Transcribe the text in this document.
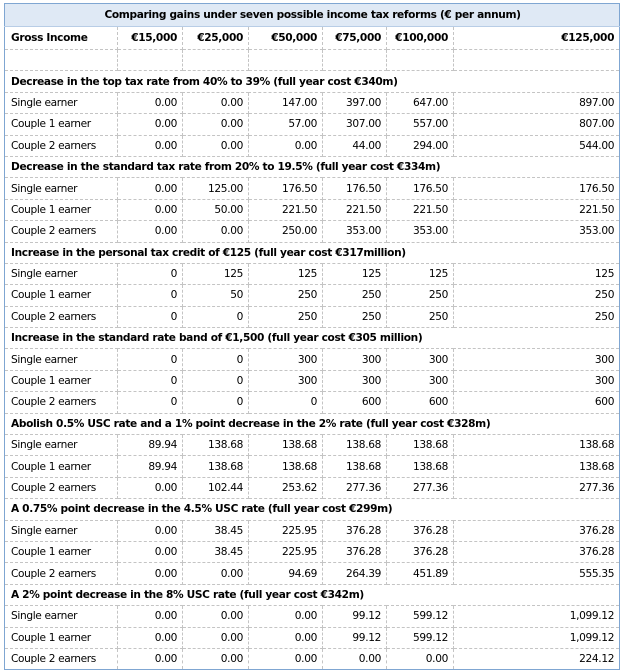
Comparing gains under seven possible income tax reforms (€ per annum)						
Gross Income	€15,000	€25,000	€50,000	€75,000	€100,000	€125,000

Decrease in the top tax rate from 40% to 39% (full year cost €340m)						
Single earner	0.00	0.00	147.00	397.00	647.00	897.00
Couple 1 earner	0.00	0.00	57.00	307.00	557.00	807.00
Couple 2 earners	0.00	0.00	0.00	44.00	294.00	544.00
Decrease in the standard tax rate from 20% to 19.5% (full year cost €334m)						
Single earner	0.00	125.00	176.50	176.50	176.50	176.50
Couple 1 earner	0.00	50.00	221.50	221.50	221.50	221.50
Couple 2 earners	0.00	0.00	250.00	353.00	353.00	353.00
Increase in the personal tax credit of €125 (full year cost €317million)						
Single earner	0	125	125	125	125	125
Couple 1 earner	0	50	250	250	250	250
Couple 2 earners	0	0	250	250	250	250
Increase in the standard rate band of €1,500 (full year cost €305 million)						
Single earner	0	0	300	300	300	300
Couple 1 earner	0	0	300	300	300	300
Couple 2 earners	0	0	0	600	600	600
Abolish 0.5% USC rate and a 1% point decrease in the 2% rate (full year cost €328m)						
Single earner	89.94	138.68	138.68	138.68	138.68	138.68
Couple 1 earner	89.94	138.68	138.68	138.68	138.68	138.68
Couple 2 earners	0.00	102.44	253.62	277.36	277.36	277.36
A 0.75% point decrease in the 4.5% USC rate (full year cost €299m)						
Single earner	0.00	38.45	225.95	376.28	376.28	376.28
Couple 1 earner	0.00	38.45	225.95	376.28	376.28	376.28
Couple 2 earners	0.00	0.00	94.69	264.39	451.89	555.35
A 2% point decrease in the 8% USC rate (full year cost €342m)						
Single earner	0.00	0.00	0.00	99.12	599.12	1,099.12
Couple 1 earner	0.00	0.00	0.00	99.12	599.12	1,099.12
Couple 2 earners	0.00	0.00	0.00	0.00	0.00	224.12
